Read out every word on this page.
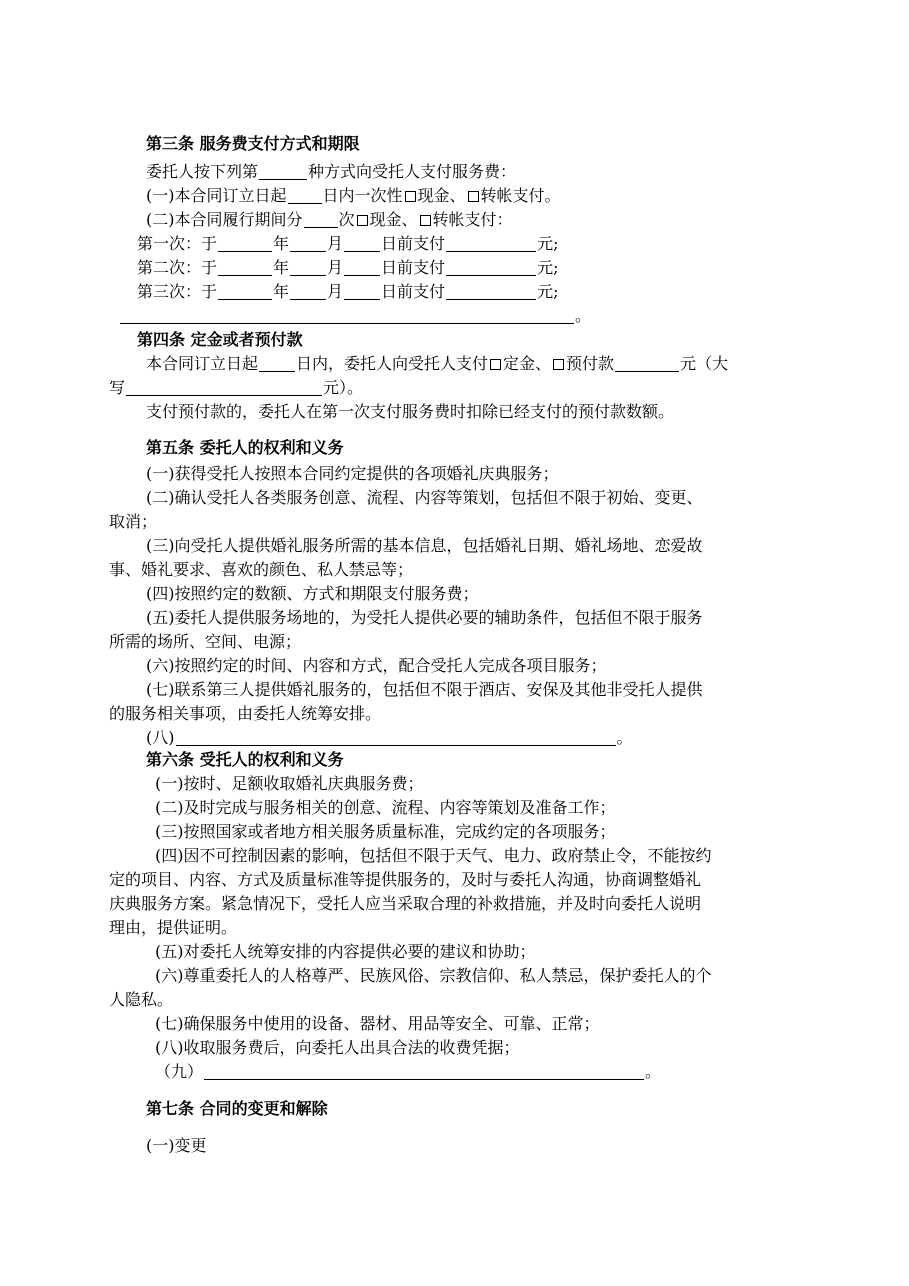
第三条 服务费支付方式和期限
委托人按下列第	种方式向受托人支付服务费：
(一)本合同订立日起 日内一次性 现金、 转帐支付。
(二)本合同履行期间分 次 现金、 转帐支付：
第一次：于	年 月 日前支付	元;
第二次：于	年 月 日前支付	元;
第三次：于	年 月 日前支付	元;
。
第四条 定金或者预付款
本合同订立日起 日内，委托人向受托人支付 定金、 预付款	元（大
写	元）。
支付预付款的，委托人在第一次支付服务费时扣除已经支付的预付款数额。
第五条 委托人的权利和义务
(一)获得受托人按照本合同约定提供的各项婚礼庆典服务；
(二)确认受托人各类服务创意、流程、内容等策划，包括但不限于初始、变更、
取消；
(三)向受托人提供婚礼服务所需的基本信息，包括婚礼日期、婚礼场地、恋爱故
事、婚礼要求、喜欢的颜色、私人禁忌等；
(四)按照约定的数额、方式和期限支付服务费；
(五)委托人提供服务场地的，为受托人提供必要的辅助条件，包括但不限于服务
所需的场所、空间、电源；
(六)按照约定的时间、内容和方式，配合受托人完成各项目服务；
(七)联系第三人提供婚礼服务的，包括但不限于酒店、安保及其他非受托人提供
的服务相关事项，由委托人统筹安排。
(八)	。
第六条 受托人的权利和义务
(一)按时、足额收取婚礼庆典服务费；
(二)及时完成与服务相关的创意、流程、内容等策划及准备工作；
(三)按照国家或者地方相关服务质量标准，完成约定的各项服务；
(四)因不可控制因素的影响，包括但不限于天气、电力、政府禁止令，不能按约
定的项目、内容、方式及质量标准等提供服务的，及时与委托人沟通，协商调整婚礼
庆典服务方案。紧急情况下，受托人应当采取合理的补救措施，并及时向委托人说明
理由，提供证明。
(五)对委托人统筹安排的内容提供必要的建议和协助；
(六)尊重委托人的人格尊严、民族风俗、宗教信仰、私人禁忌，保护委托人的个
人隐私。
(七)确保服务中使用的设备、器材、用品等安全、可靠、正常；
(八)收取服务费后，向委托人出具合法的收费凭据；
（九）	。
第七条 合同的变更和解除
(一)变更
